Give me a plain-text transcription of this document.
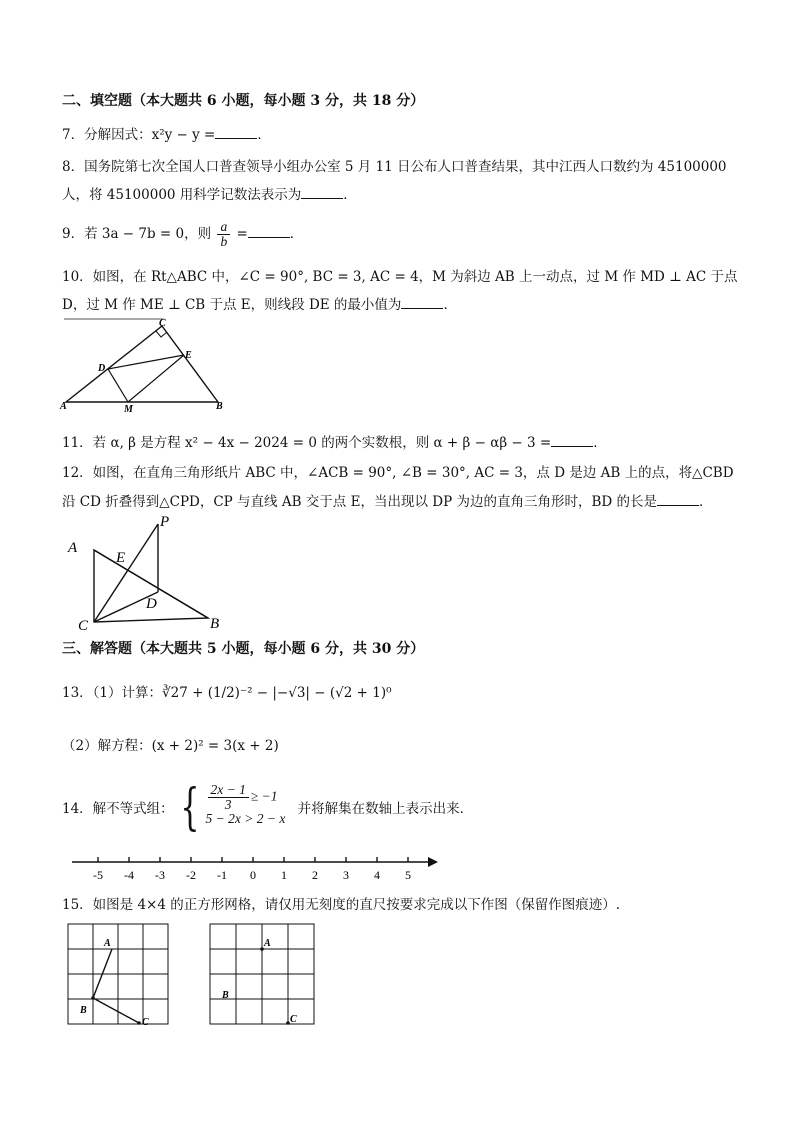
二、填空题（本大题共 6 小题，每小题 3 分，共 18 分）
7．分解因式：x²y − y =	．
8．国务院第七次全国人口普查领导小组办公室 5 月 11 日公布人口普查结果，其中江西人口数约为 45100000
人，将 45100000 用科学记数法表示为	．
9．若 3a − 7b = 0，则 $\frac{a}{b}$ =	．
10．如图，在 Rt△ABC 中，∠C = 90°, BC = 3, AC = 4，M 为斜边 AB 上一动点，过 M 作 MD ⊥ AC 于点
D，过 M 作 ME ⊥ CB 于点 E，则线段 DE 的最小值为	．
A	B
C
D
E
M
11．若 α, β 是方程 x² − 4x − 2024 = 0 的两个实数根，则 α + β − αβ − 3 =	．
12．如图，在直角三角形纸片 ABC 中，∠ACB = 90°, ∠B = 30°, AC = 3，点 D 是边 AB 上的点，将△CBD
沿 CD 折叠得到△CPD，CP 与直线 AB 交于点 E，当出现以 DP 为边的直角三角形时，BD 的长是	．
A
B
C
D
E
P
三、解答题（本大题共 5 小题，每小题 6 分，共 30 分）
13．（1）计算：∛27 + (1/2)⁻² − |−√3| − (√2 + 1)⁰
（2）解方程：(x + 2)² = 3(x + 2)
14．解不等式组： { $\frac{2x - 1}{3} \ge -1$
5 − 2x > 2 − x
并将解集在数轴上表示出来．
-5 -4 -3 -2 -1 0 1 2 3 4 5
15．如图是 4×4 的正方形网格，请仅用无刻度的直尺按要求完成以下作图（保留作图痕迹）.
A
B
C
A
B
C
